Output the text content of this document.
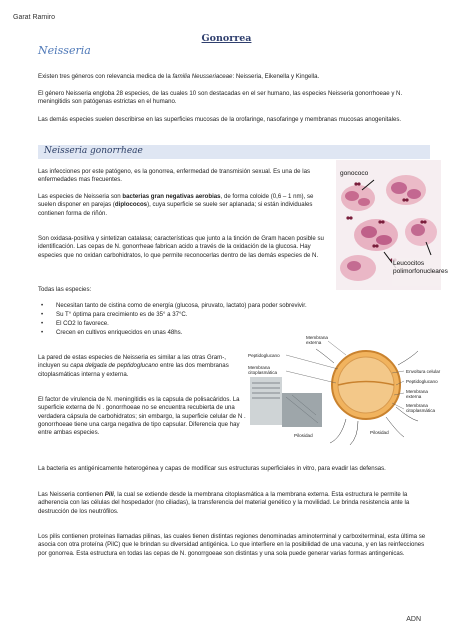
Garat Ramiro
Gonorrea
Neisseria
Existen tres géneros con relevancia medica de la familia Neusseriaceae: Neisseria, Eikenella y Kingella.
El género Neisseria engloba 28 especies, de las cuales 10 son destacadas en el ser humano, las especies Neisseria gonorrhoeae y N. meningitidis son patógenas estrictas en el humano.
Las demás especies suelen describirse en las superficies mucosas de la orofaringe, nasofaringe y membranas mucosas anogenitales.
Neisseria gonorrheae
Las infecciones por este patógeno, es la gonorrea, enfermedad de transmisión sexual. Es una de las enfermedades mas frecuentes.
Las especies de Neisseria son bacterias gran negativas aerobias, de forma coloide (0,6 – 1 nm), se suelen disponer en parejas (diplococos), cuya superficie se suele ser aplanada; si están individuales contienen forma de riñón.
Son oxidasa-positiva y sintetizan catalasa; características que junto a la tinción de Gram hacen posible su identificación. Las cepas de N. gonorrheae fabrican acido a través de la oxidación de la glucosa. Hay especies que no oxidan carbohidratos, lo que permite reconocerlas dentro de las demás especies de N.
Todas las especies:
• Necesitan tanto de cistina como de energía (glucosa, piruvato, lactato) para poder sobrevivir.
• Su T° óptima para crecimiento es de 35° a 37°C.
• El CO2 lo favorece.
• Crecen en cultivos enriquecidos en unas 48hs.
La pared de estas especies de Neisseria es similar a las otras Gram-, incluyen su capa delgada de peptidoglucano entre las dos membranas citoplasmáticas interna y externa.
El factor de virulencia de N. meningitidis es la capsula de polisacáridos. La superficie externa de N . gonorrhoeae no se encuentra recubierta de una verdadera cápsula de carbohidratos; sin embargo, la superficie celular de N . gonorrhoeae tiene una carga negativa de tipo capsular. Diferencia que hay entre ambas especies.
La bacteria es antigénicamente heterogénea y capas de modificar sus estructuras superficiales in vitro, para evadir las defensas.
Las Neisseria contienen Pili, la cual se extiende desde la membrana citoplasmática a la membrana externa. Esta estructura le permite la adherencia con las células del hospedador (no ciliadas), la transferencia del material genético y la movilidad. Le brinda resistencia ante la destrucción de los neutrófilos.
Los pilis contienen proteínas llamadas pilinas, las cuales tienen distintas regiones denominadas aminoterminal y carboxiterminal, esta última se asocia con otra proteína (PilC) que le brindan su diversidad antigénica. Lo que interfiere en la posibilidad de una vacuna, y en las reinfecciones por gonorrea. Esta estructura en todas las cepas de N. gonorrgoeae son distintas y una sola puede generar varias formas antingenicas.
gonococo
Leucocitos
polimorfonucleares
Membrana
externa
Peptidoglucano
Membrana
citoplasmática	Envoltura celular
Peptidoglucano
Membrana
externa
Membrana
citoplasmática
Pilosidad
Pilosidad
ADN
